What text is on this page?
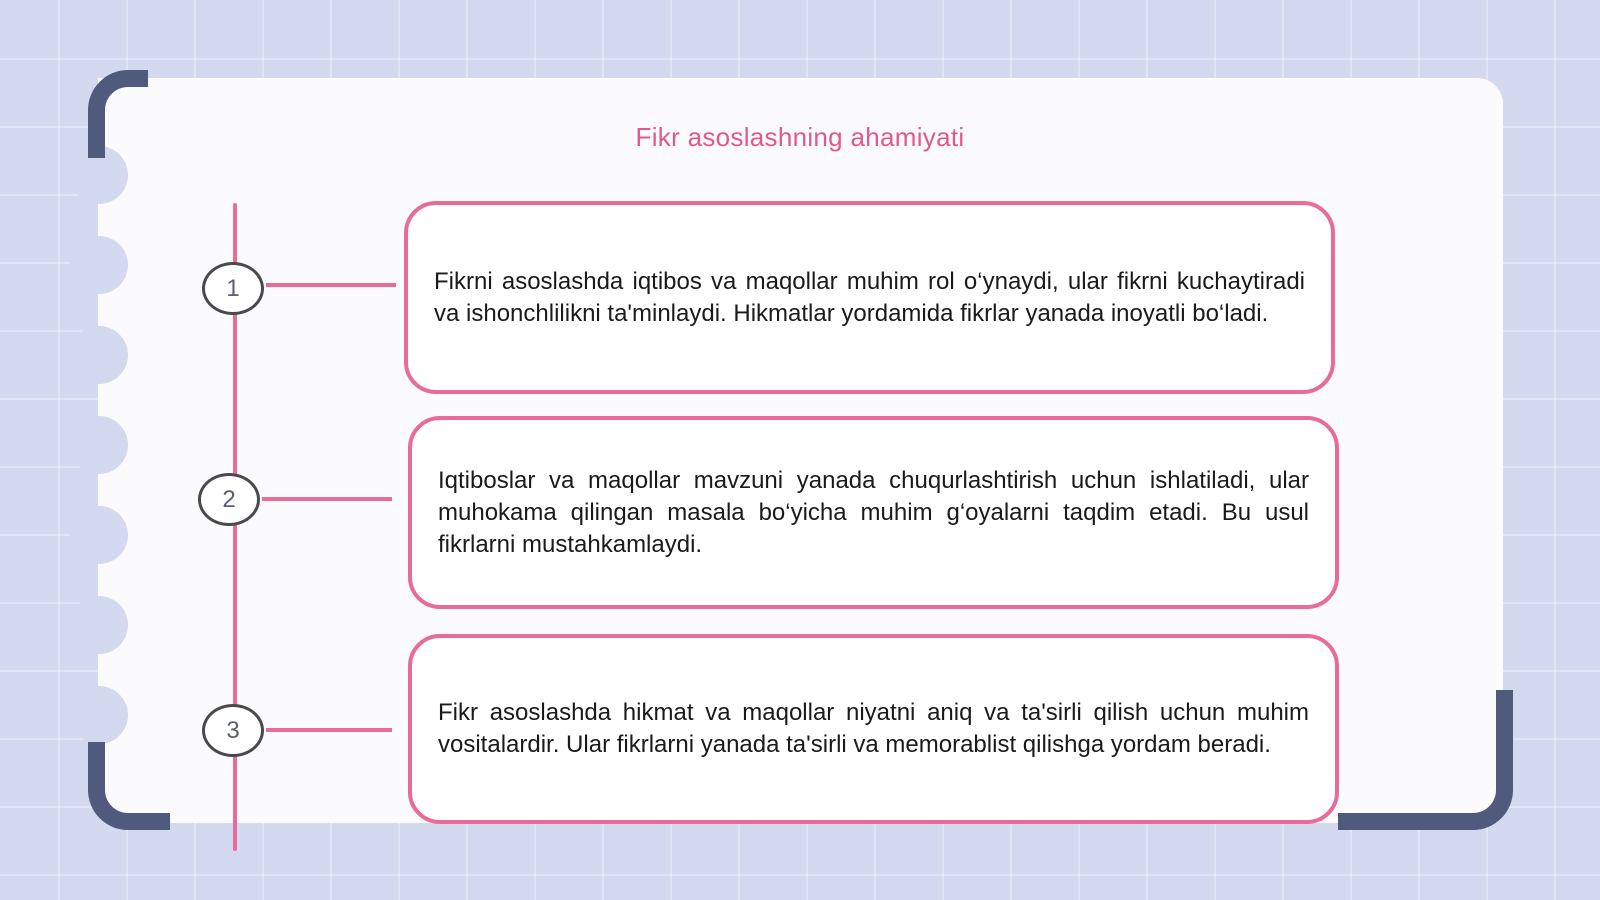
Fikr asoslashning ahamiyati
1	Fikrni asoslashda iqtibos va maqollar muhim rol o‘ynaydi, ular fikrni kuchaytiradi va ishonchlilikni ta'minlaydi. Hikmatlar yordamida fikrlar yanada inoyatli bo‘ladi.

2

Iqtiboslar va maqollar mavzuni yanada chuqurlashtirish uchun ishlatiladi, ular muhokama qilingan masala bo‘yicha muhim g‘oyalarni taqdim etadi. Bu usul fikrlarni mustahkamlaydi.

3

Fikr asoslashda hikmat va maqollar niyatni aniq va ta'sirli qilish uchun muhim vositalardir. Ular fikrlarni yanada ta'sirli va memorablist qilishga yordam beradi.
